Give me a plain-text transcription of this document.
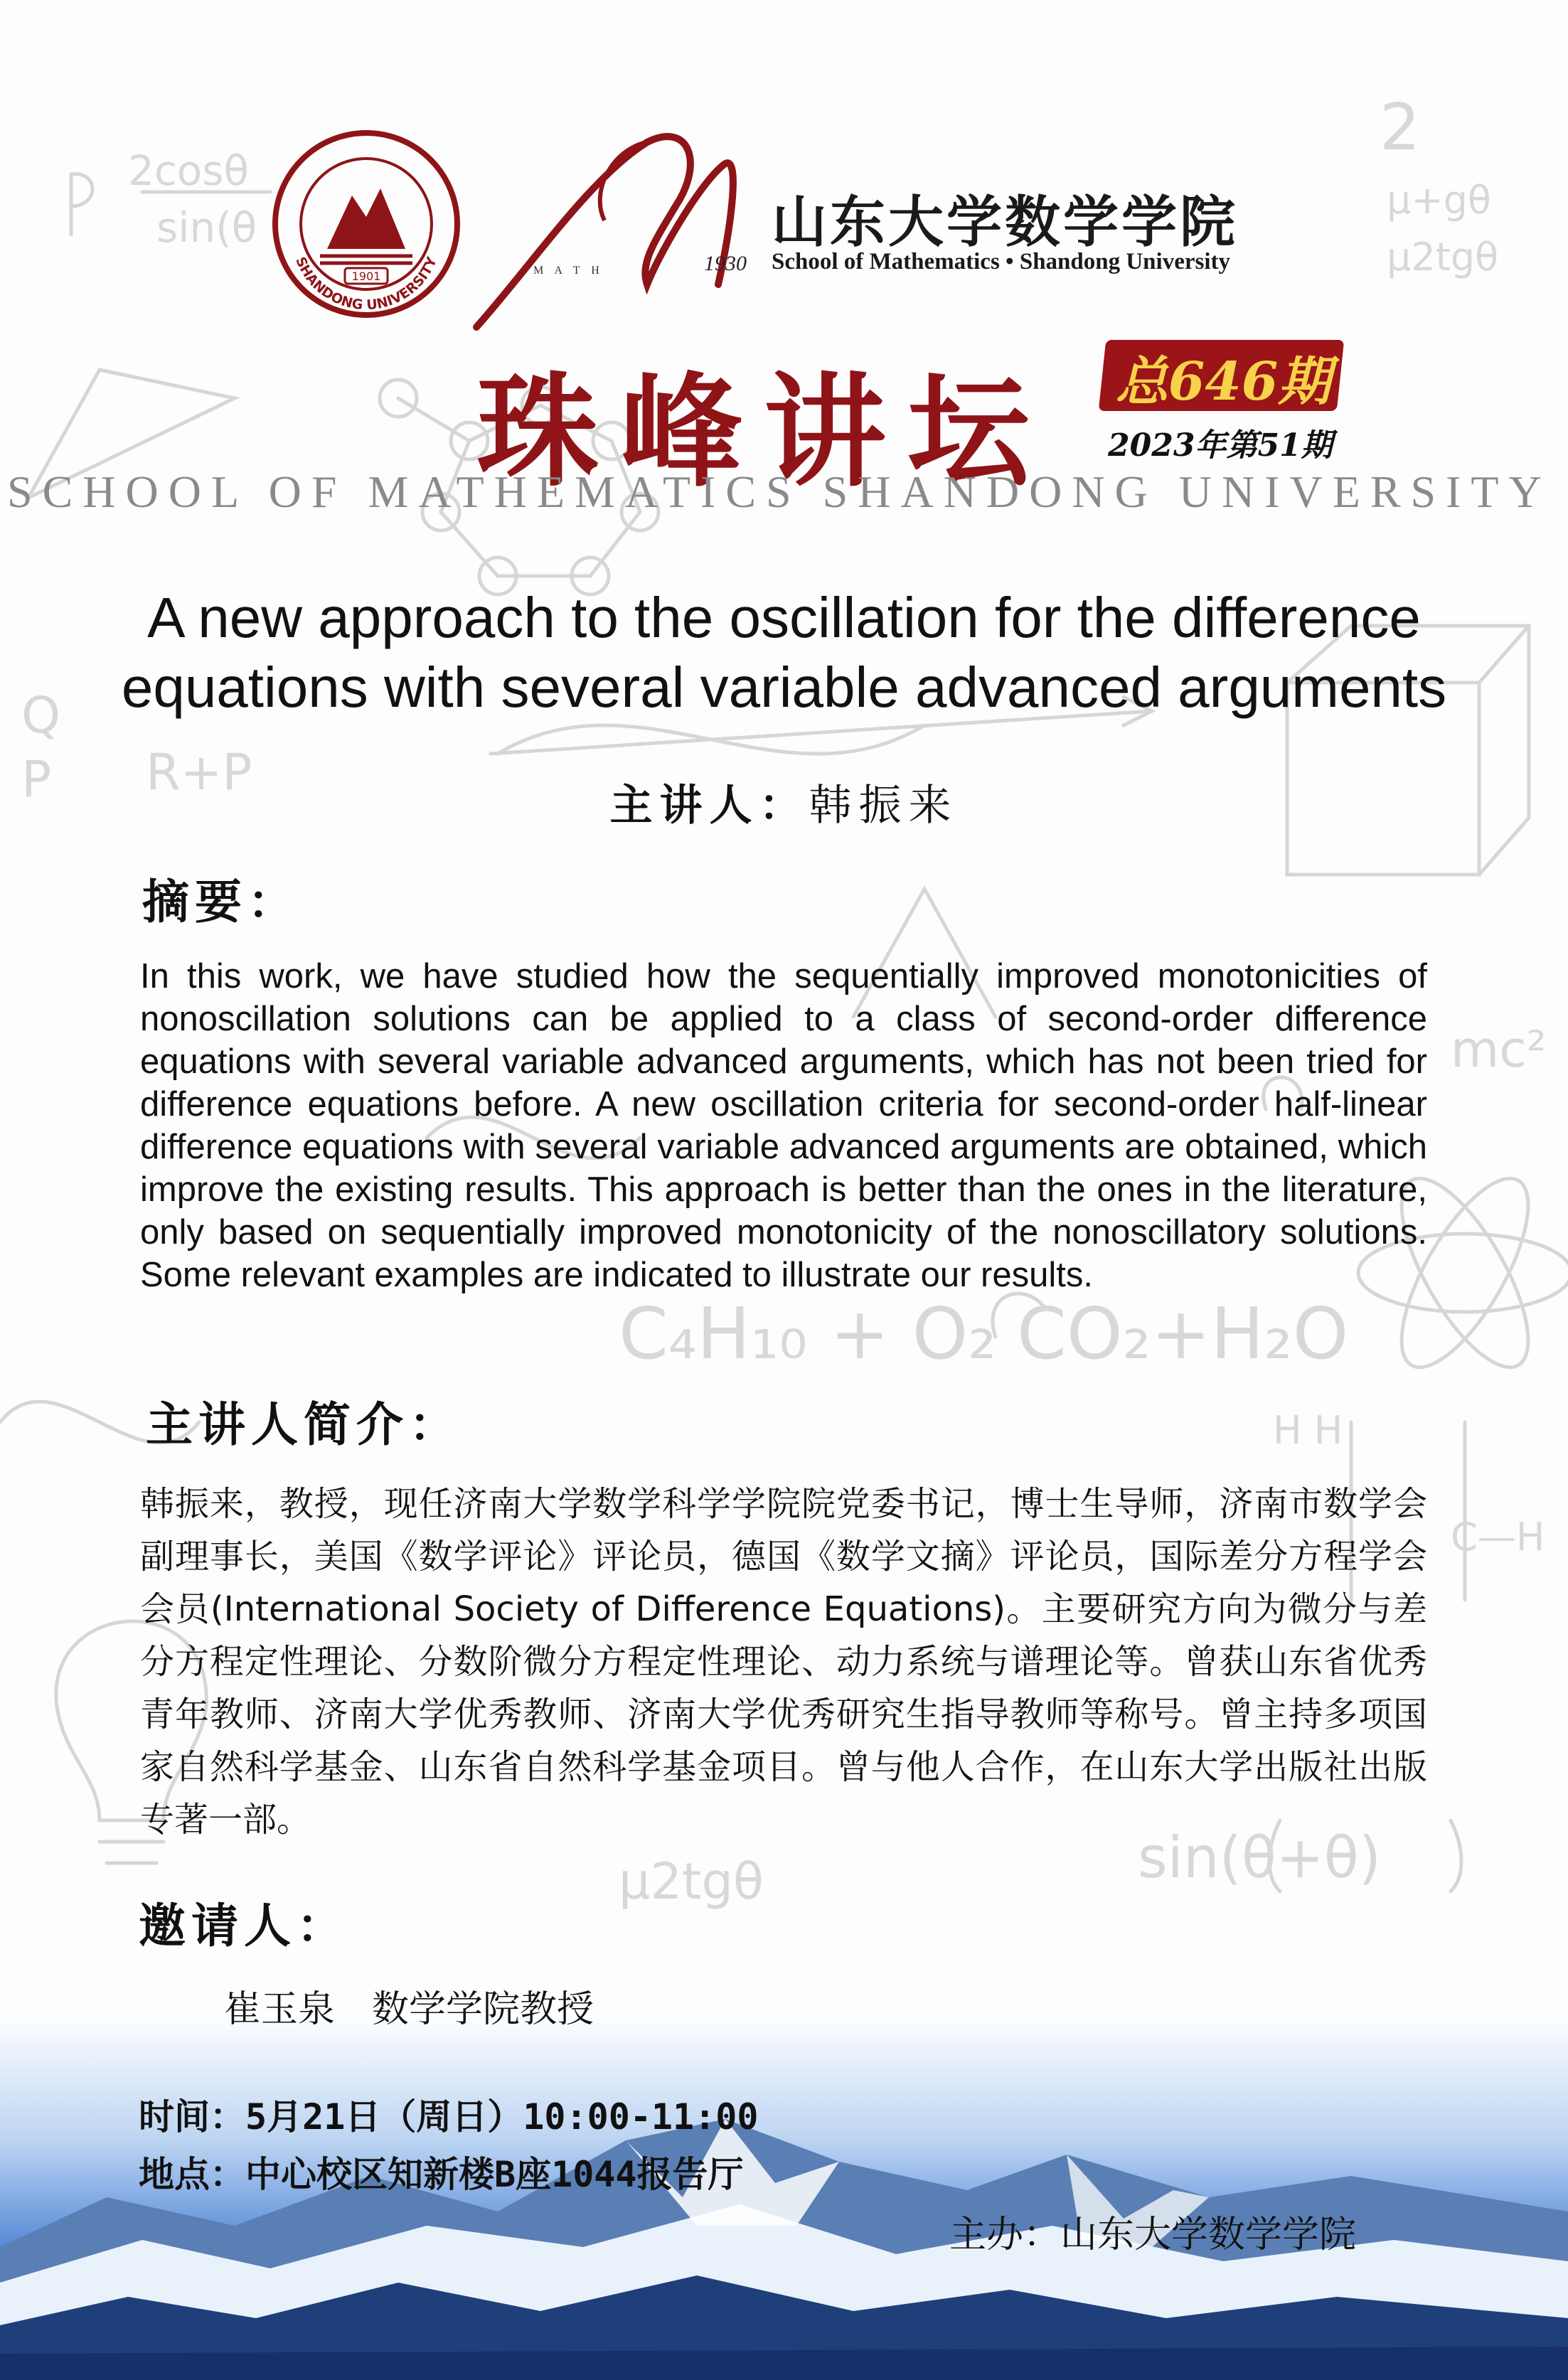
2cosθ
sin(θ
2
μ+gθ
μ2tgθ
Q
P R+P
mc²
CO₂+H₂O
C₄H₁₀ + O₂
H H
C—H
sin(θ+θ)
μ2tgθ
1901
SHANDONG UNIVERSITY
M A T H	1930
山东大学数学学院
School of Mathematics • Shandong University
珠峰讲坛 总646期
2023年第51期
SCHOOL OF MATHEMATICS SHANDONG UNIVERSITY
A new approach to the oscillation for the difference equations with several variable advanced arguments
主讲人：韩振来
摘要：
In this work, we have studied how the sequentially improved monotonicities of nonoscillation solutions can be applied to a class of second-order difference equations with several variable advanced arguments, which has not been tried for difference equations before. A new oscillation criteria for second-order half-linear difference equations with several variable advanced arguments are obtained, which improve the existing results. This approach is better than the ones in the literature, only based on sequentially improved monotonicity of the nonoscillatory solutions. Some relevant examples are indicated to illustrate our results.
主讲人简介：
韩振来，教授，现任济南大学数学科学学院院党委书记，博士生导师，济南市数学会副理事长，美国《数学评论》评论员，德国《数学文摘》评论员，国际差分方程学会会员(International Society of Difference Equations)。主要研究方向为微分与差分方程定性理论、分数阶微分方程定性理论、动力系统与谱理论等。曾获山东省优秀青年教师、济南大学优秀教师、济南大学优秀研究生指导教师等称号。曾主持多项国家自然科学基金、山东省自然科学基金项目。曾与他人合作，在山东大学出版社出版专著一部。
邀请人：
崔玉泉　数学学院教授
时间：5月21日（周日）10:00-11:00
地点：中心校区知新楼B座1044报告厅
主办：山东大学数学学院
